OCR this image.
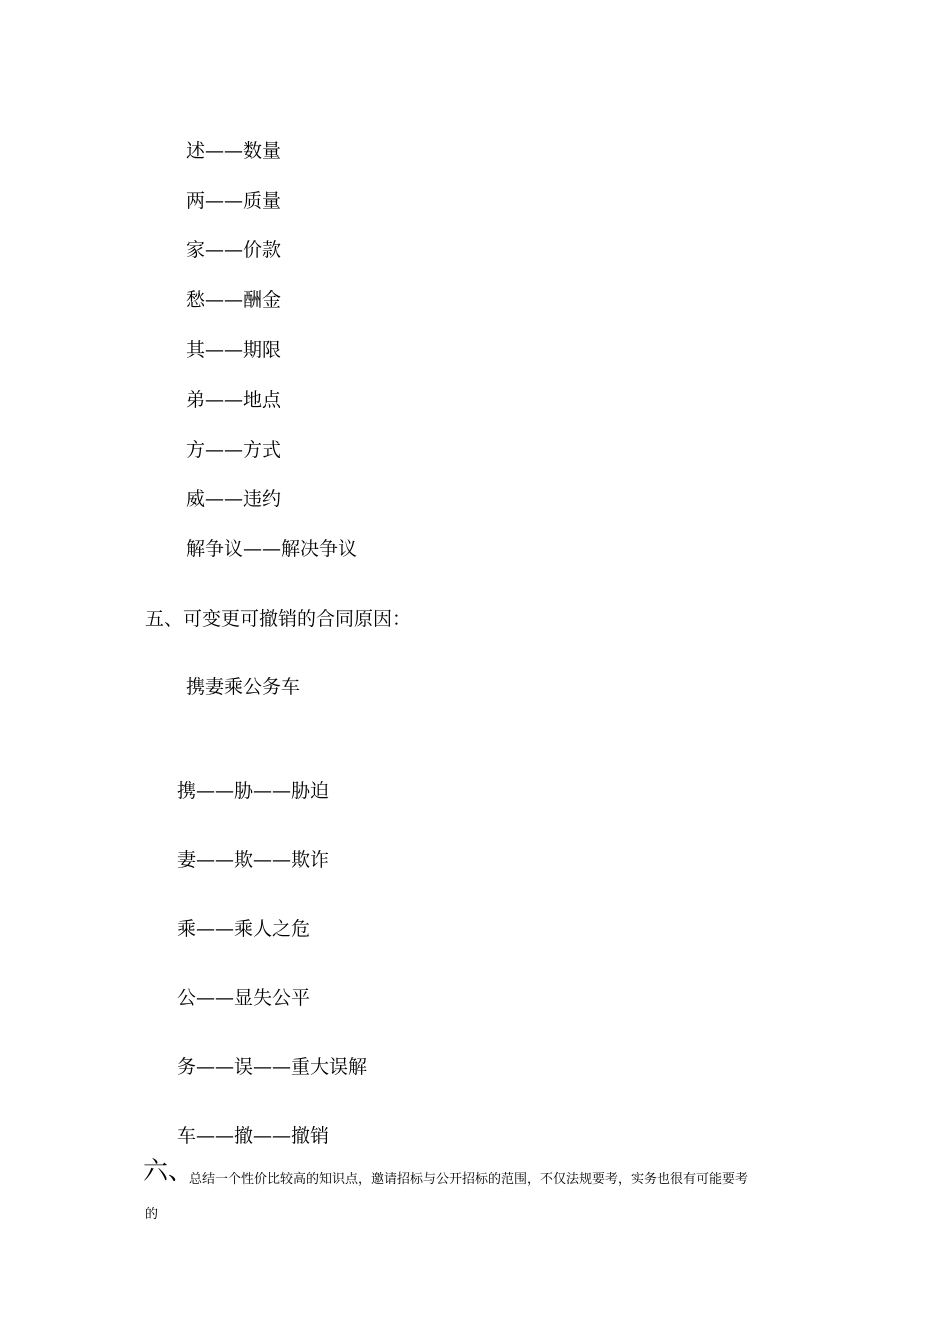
述——数量
两——质量
家——价款
愁——酬金
其——期限
弟——地点
方——方式
威——违约
解争议——解决争议
五、可变更可撤销的合同原因：
携妻乘公务车
携——胁——胁迫
妻——欺——欺诈
乘——乘人之危
公——显失公平
务——误——重大误解
车——撤——撤销
六、
总结一个性价比较高的知识点，邀请招标与公开招标的范围，不仅法规要考，实务也很有可能要考
的
